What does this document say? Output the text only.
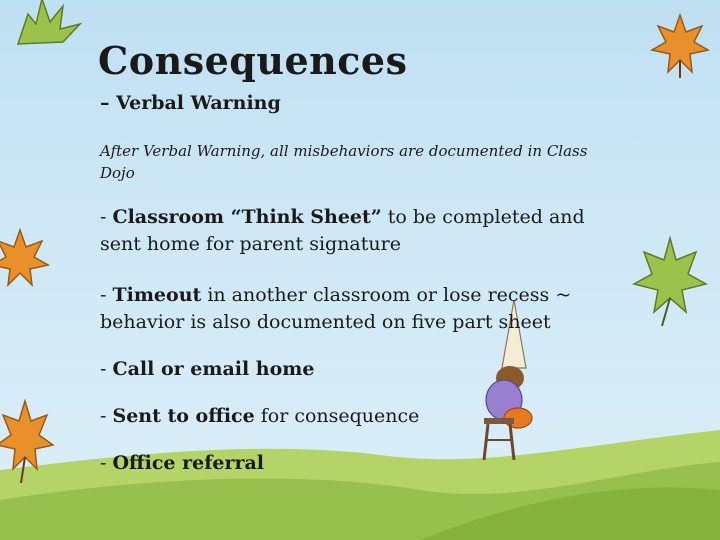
Consequences
– Verbal Warning
After Verbal Warning, all misbehaviors are documented in Class Dojo
- Classroom “Think Sheet” to be completed and sent home for parent signature
- Timeout in another classroom or lose recess ~ behavior is also documented on five part sheet
- Call or email home
- Sent to office for consequence
- Office referral
